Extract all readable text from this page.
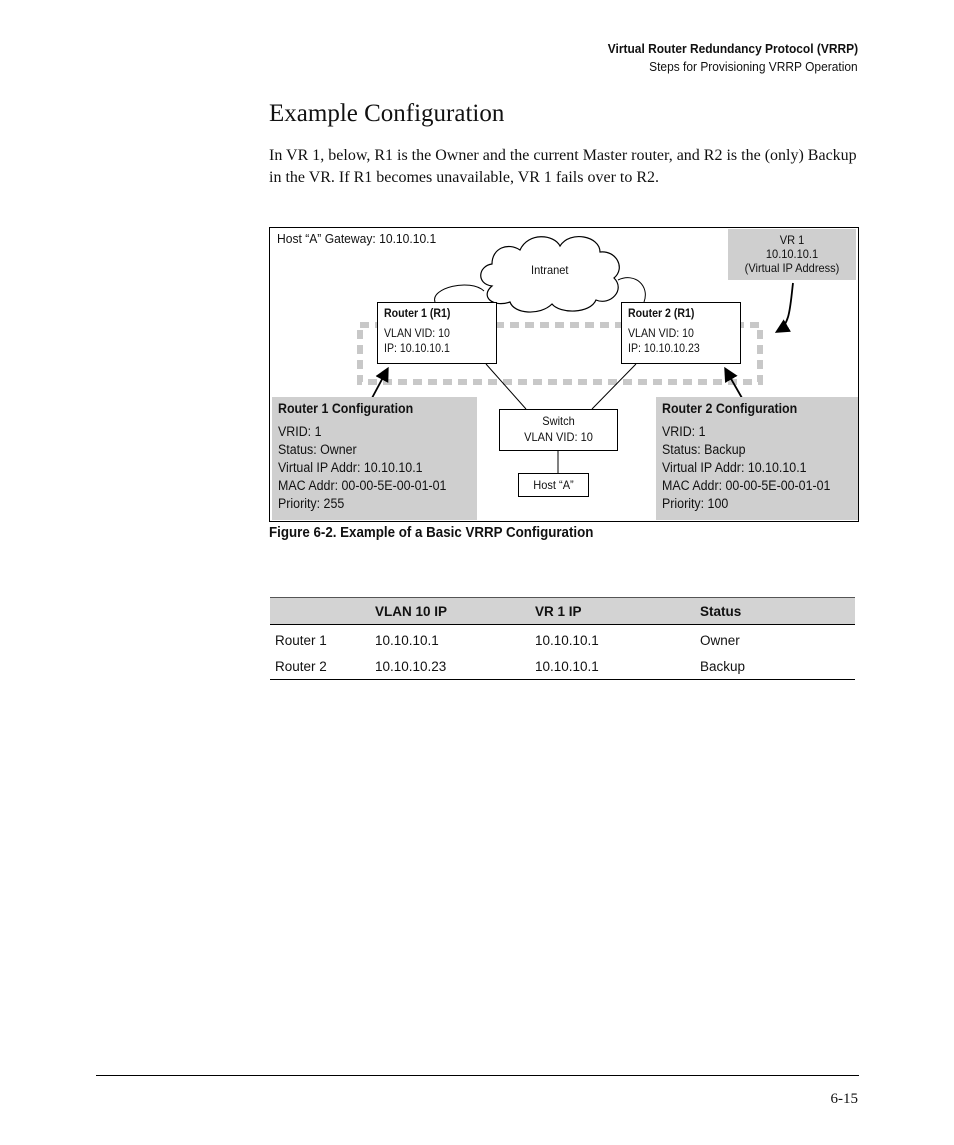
Virtual Router Redundancy Protocol (VRRP)
Steps for Provisioning VRRP Operation
Example Configuration

In VR 1, below, R1 is the Owner and the current Master router, and R2 is the (only) Backup in the VR. If R1 becomes unavailable, VR 1 fails over to R2.

Host “A” Gateway: 10.10.10.1
Intranet
VR 1
10.10.10.1
(Virtual IP Address)
Router 1 (R1)
VLAN VID: 10
IP: 10.10.10.1
Router 2 (R1)
VLAN VID: 10
IP: 10.10.10.23
Router 1 Configuration
VRID: 1
Status: Owner
Virtual IP Addr: 10.10.10.1
MAC Addr: 00-00-5E-00-01-01
Priority: 255
Switch
VLAN VID: 10
Host “A”
Router 2 Configuration
VRID: 1
Status: Backup
Virtual IP Addr: 10.10.10.1
MAC Addr: 00-00-5E-00-01-01
Priority: 100
Figure 6-2. Example of a Basic VRRP Configuration
	VLAN 10 IP	VR 1 IP	Status
Router 1	10.10.10.1	10.10.10.1	Owner
Router 2	10.10.10.23	10.10.10.1	Backup
6-15
